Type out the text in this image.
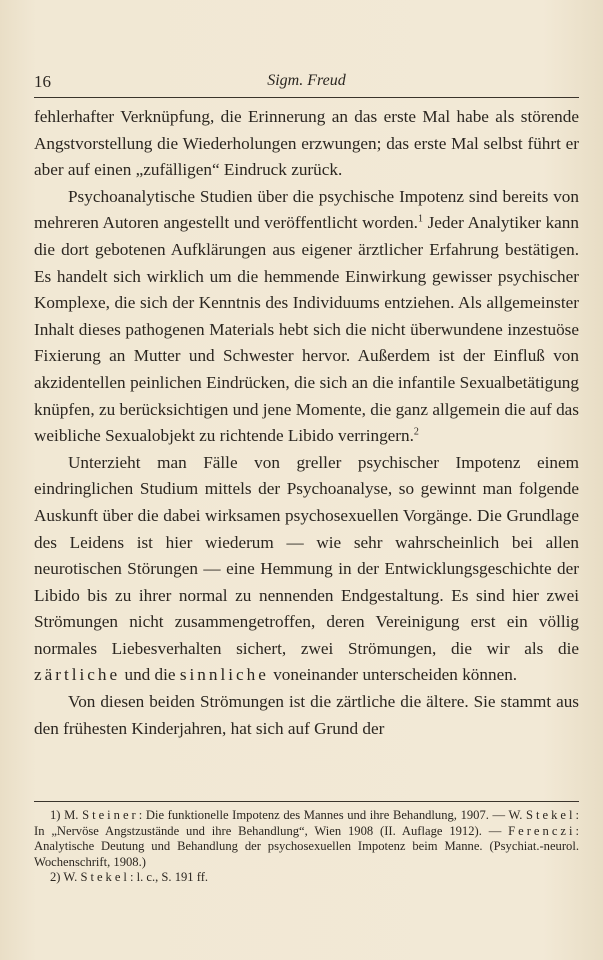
16	Sigm. Freud

fehlerhafter Verknüpfung, die Erinnerung an das erste Mal habe als störende Angstvorstellung die Wiederholungen erzwungen; das erste Mal selbst führt er aber auf einen „zufälligen“ Eindruck zurück.

Psychoanalytische Studien über die psychische Impotenz sind bereits von mehreren Autoren angestellt und veröffentlicht worden.$^1$ Jeder Analytiker kann die dort gebotenen Aufklärungen aus eigener ärztlicher Erfahrung bestätigen. Es handelt sich wirklich um die hemmende Einwirkung gewisser psychischer Komplexe, die sich der Kenntnis des Individuums entziehen. Als allgemeinster Inhalt dieses pathogenen Materials hebt sich die nicht überwundene inzestuöse Fixierung an Mutter und Schwester hervor. Außerdem ist der Einfluß von akzidentellen peinlichen Eindrücken, die sich an die infantile Sexualbetätigung knüpfen, zu berücksichtigen und jene Momente, die ganz allgemein die auf das weibliche Sexualobjekt zu richtende Libido verringern.$^2$

Unterzieht man Fälle von greller psychischer Impotenz einem eindringlichen Studium mittels der Psychoanalyse, so gewinnt man folgende Auskunft über die dabei wirksamen psychosexuellen Vorgänge. Die Grundlage des Leidens ist hier wiederum — wie sehr wahrscheinlich bei allen neurotischen Störungen — eine Hemmung in der Entwicklungsgeschichte der Libido bis zu ihrer normal zu nennenden Endgestaltung. Es sind hier zwei Strömungen nicht zusammengetroffen, deren Vereinigung erst ein völlig normales Liebesverhalten sichert, zwei Strömungen, die wir als die zärtliche und die sinnliche voneinander unterscheiden können.

Von diesen beiden Strömungen ist die zärtliche die ältere. Sie stammt aus den frühesten Kinderjahren, hat sich auf Grund der

1) M. Steiner: Die funktionelle Impotenz des Mannes und ihre Behandlung, 1907. — W. Stekel: In „Nervöse Angstzustände und ihre Behandlung“, Wien 1908 (II. Auflage 1912). — Ferenczi: Analytische Deutung und Behandlung der psychosexuellen Impotenz beim Manne. (Psychiat.-neurol. Wochenschrift, 1908.)

2) W. Stekel: l. c., S. 191 ff.
